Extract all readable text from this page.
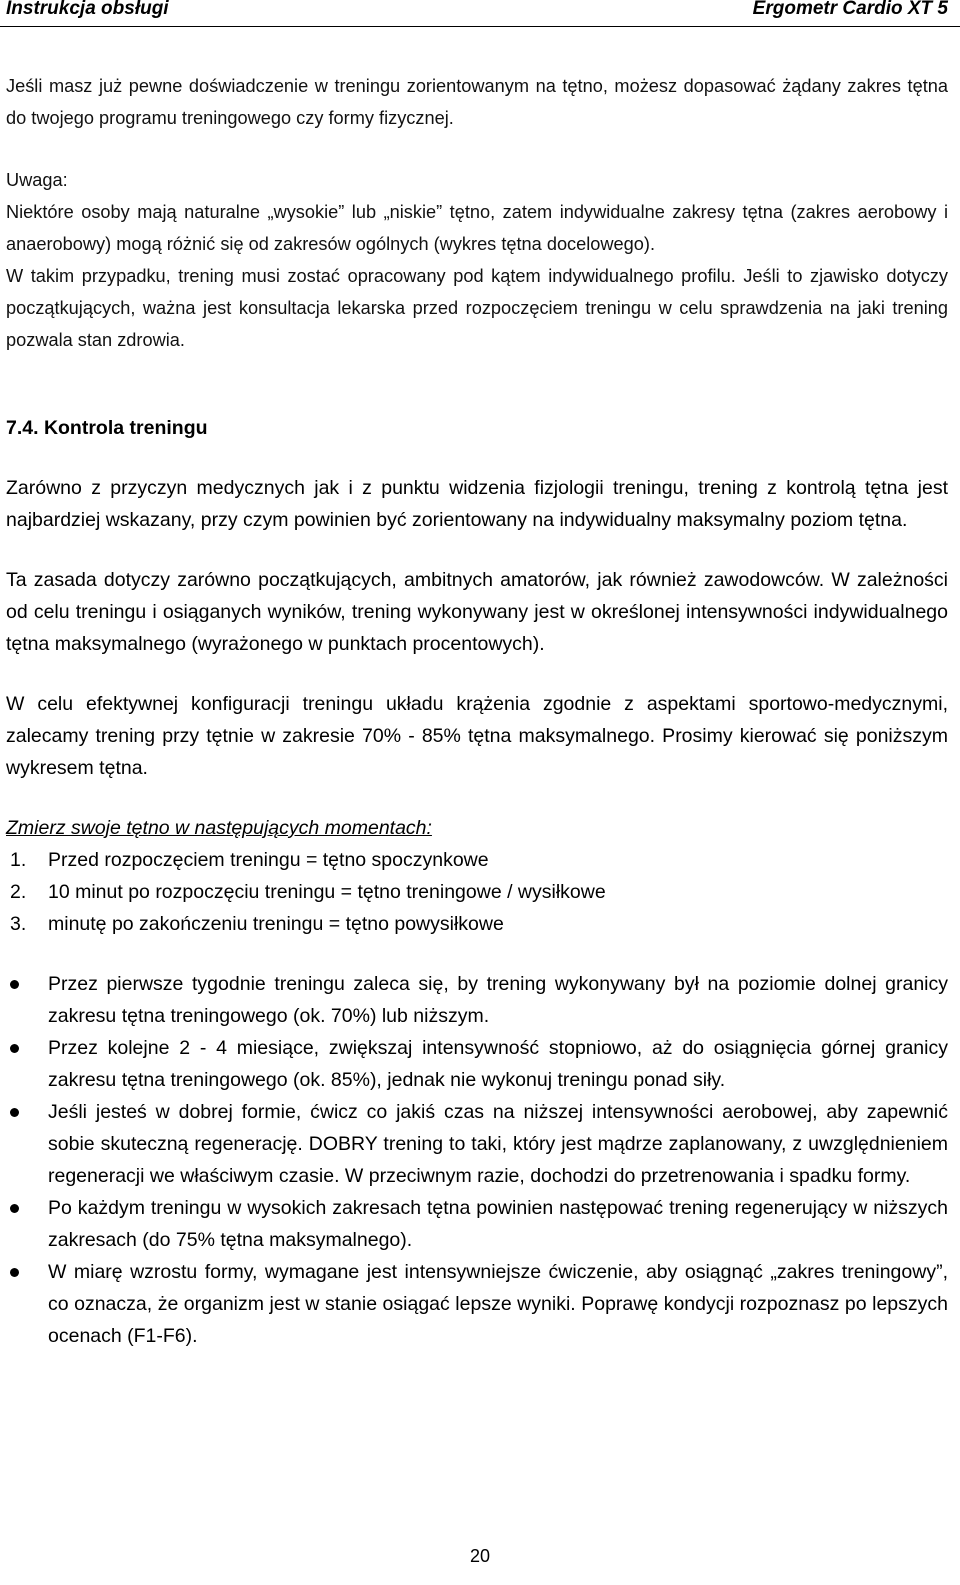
Instrukcja obsługi	Ergometr Cardio XT 5

Jeśli masz już pewne doświadczenie w treningu zorientowanym na tętno, możesz dopasować żądany zakres tętna do twojego programu treningowego czy formy fizycznej.

Uwaga:

Niektóre osoby mają naturalne „wysokie” lub „niskie” tętno, zatem indywidualne zakresy tętna (zakres aerobowy i anaerobowy) mogą różnić się od zakresów ogólnych (wykres tętna docelowego).

W takim przypadku, trening musi zostać opracowany pod kątem indywidualnego profilu. Jeśli to zjawisko dotyczy początkujących, ważna jest konsultacja lekarska przed rozpoczęciem treningu w celu sprawdzenia na jaki trening pozwala stan zdrowia.

7.4. Kontrola treningu

Zarówno z przyczyn medycznych jak i z punktu widzenia fizjologii treningu, trening z kontrolą tętna jest najbardziej wskazany, przy czym powinien być zorientowany na indywidualny maksymalny poziom tętna.

Ta zasada dotyczy zarówno początkujących, ambitnych amatorów, jak również zawodowców. W zależności od celu treningu i osiąganych wyników, trening wykonywany jest w określonej intensywności indywidualnego tętna maksymalnego (wyrażonego w punktach procentowych).

W celu efektywnej konfiguracji treningu układu krążenia zgodnie z aspektami sportowo-medycznymi, zalecamy trening przy tętnie w zakresie 70% - 85% tętna maksymalnego. Prosimy kierować się poniższym wykresem tętna.

Zmierz swoje tętno w następujących momentach:

1. Przed rozpoczęciem treningu = tętno spoczynkowe
2. 10 minut po rozpoczęciu treningu = tętno treningowe / wysiłkowe
3. minutę po zakończeniu treningu = tętno powysiłkowe
Przez pierwsze tygodnie treningu zaleca się, by trening wykonywany był na poziomie dolnej granicy zakresu tętna treningowego (ok. 70%) lub niższym.
Przez kolejne 2 - 4 miesiące, zwiększaj intensywność stopniowo, aż do osiągnięcia górnej granicy zakresu tętna treningowego (ok. 85%), jednak nie wykonuj treningu ponad siły.
Jeśli jesteś w dobrej formie, ćwicz co jakiś czas na niższej intensywności aerobowej, aby zapewnić sobie skuteczną regenerację. DOBRY trening to taki, który jest mądrze zaplanowany, z uwzględnieniem regeneracji we właściwym czasie. W przeciwnym razie, dochodzi do przetrenowania i spadku formy.
Po każdym treningu w wysokich zakresach tętna powinien następować trening regenerujący w niższych zakresach (do 75% tętna maksymalnego).
W miarę wzrostu formy, wymagane jest intensywniejsze ćwiczenie, aby osiągnąć „zakres treningowy”, co oznacza, że organizm jest w stanie osiągać lepsze wyniki. Poprawę kondycji rozpoznasz po lepszych ocenach (F1-F6).
20
